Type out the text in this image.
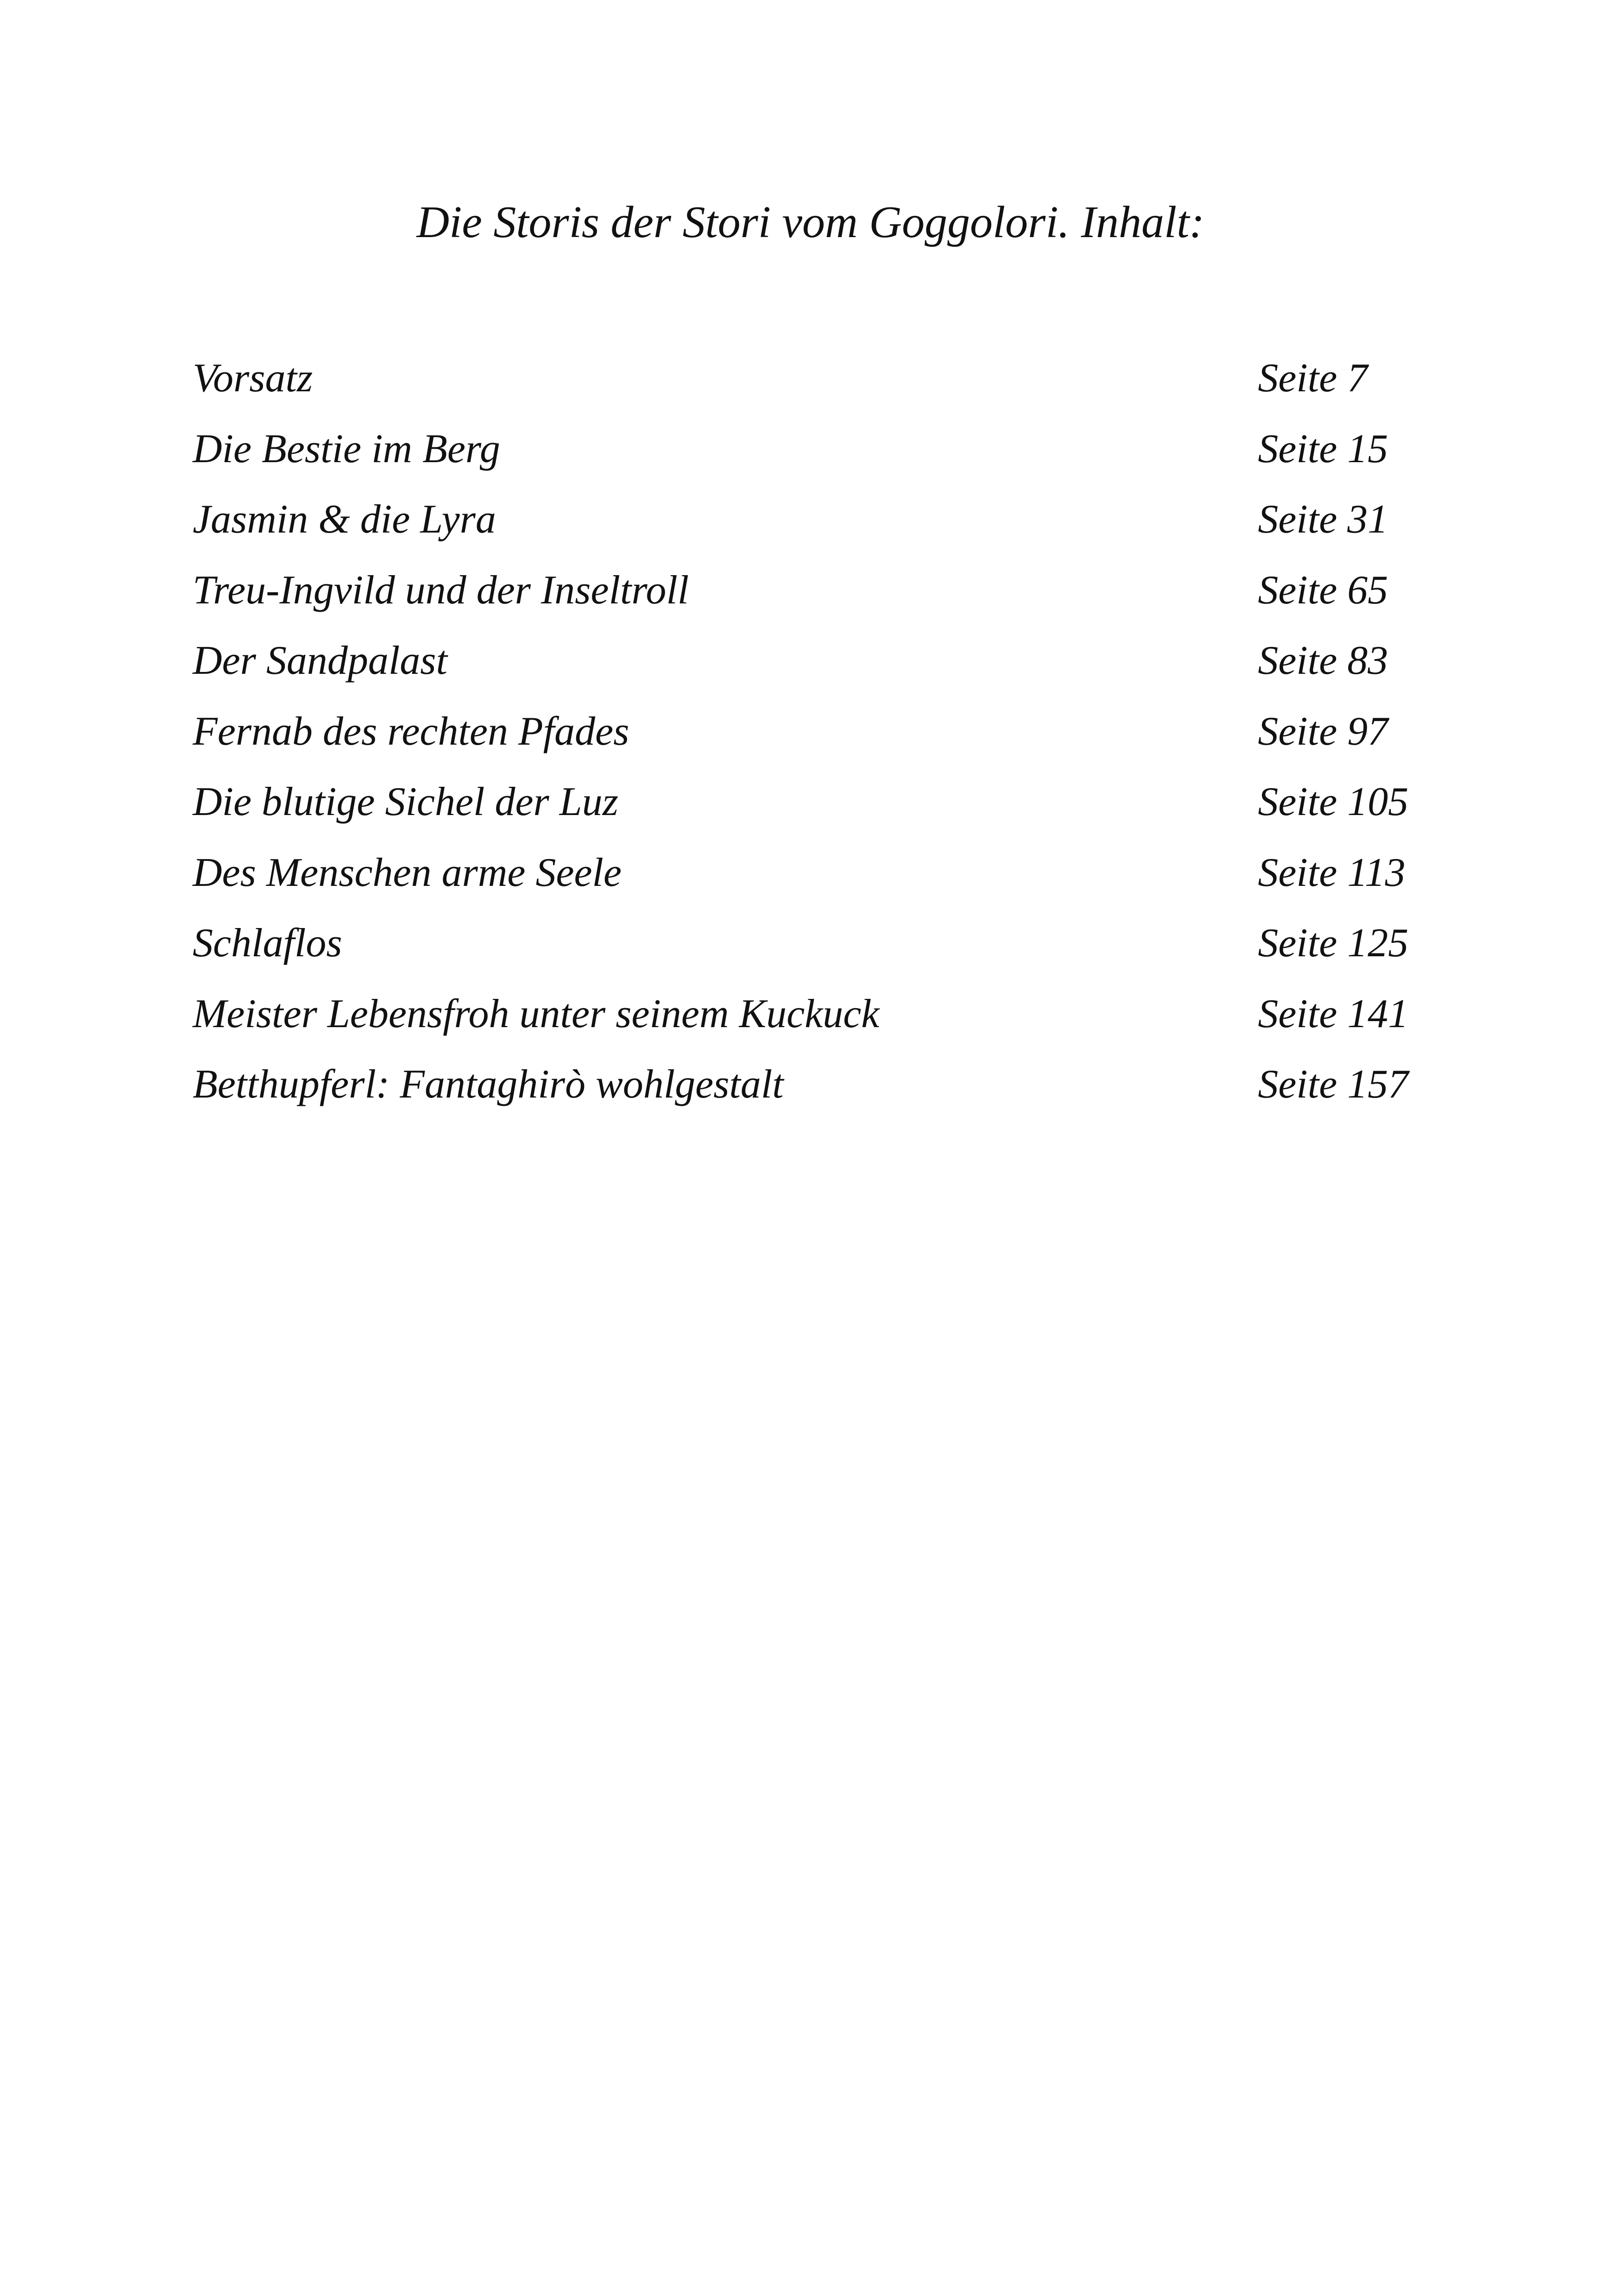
Die Storis der Stori vom Goggolori. Inhalt:
Vorsatz	Seite 7
Die Bestie im Berg	Seite 15
Jasmin & die Lyra	Seite 31
Treu-Ingvild und der Inseltroll	Seite 65
Der Sandpalast	Seite 83
Fernab des rechten Pfades	Seite 97
Die blutige Sichel der Luz	Seite 105
Des Menschen arme Seele	Seite 113
Schlaflos	Seite 125
Meister Lebensfroh unter seinem Kuckuck	Seite 141
Betthupferl: Fantaghirò wohlgestalt	Seite 157
